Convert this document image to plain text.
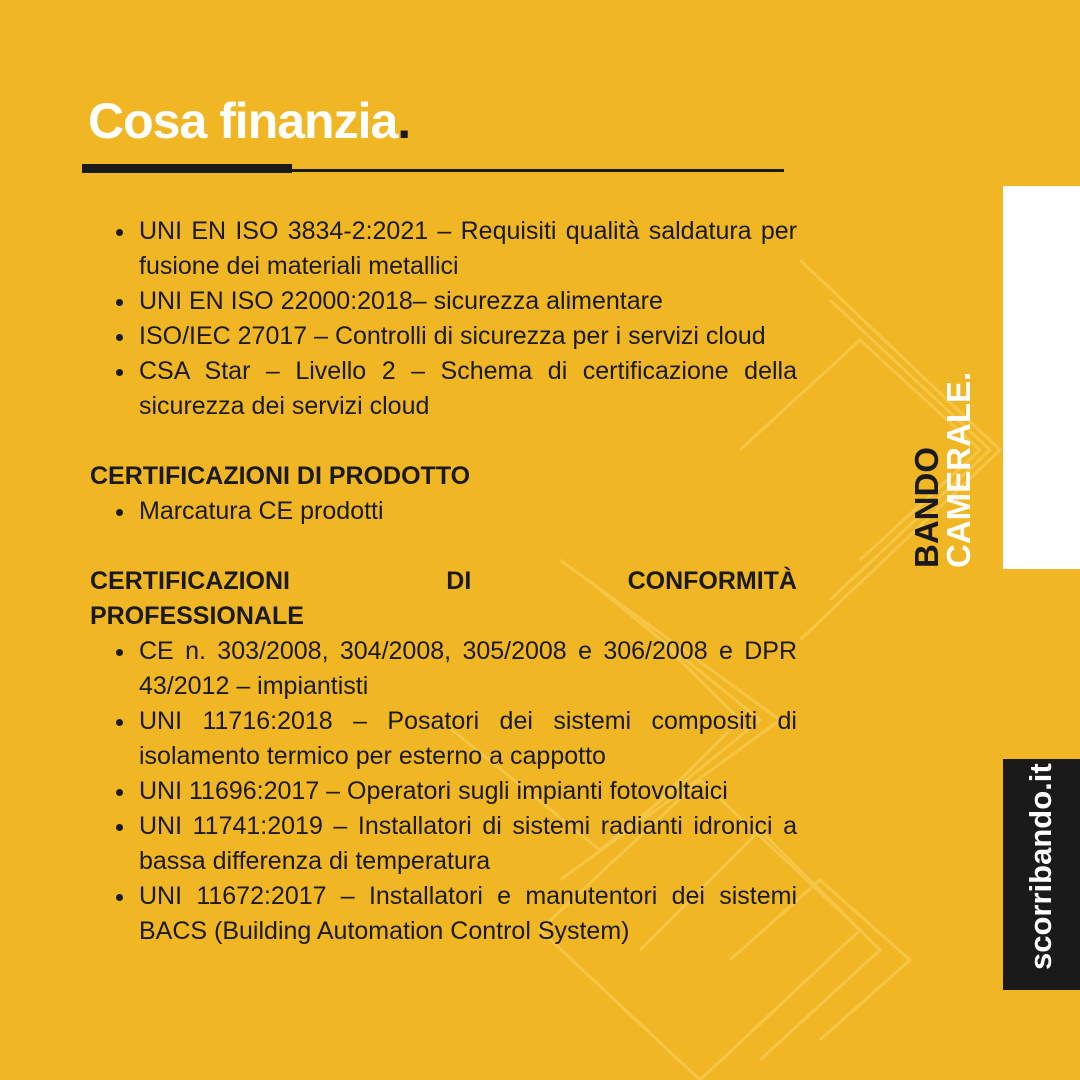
Cosa finanzia.
UNI EN ISO 3834-2:2021 – Requisiti qualità saldatura per fusione dei materiali metallici
UNI EN ISO 22000:2018– sicurezza alimentare
ISO/IEC 27017 – Controlli di sicurezza per i servizi cloud
CSA Star – Livello 2 – Schema di certificazione della sicurezza dei servizi cloud
CERTIFICAZIONI DI PRODOTTO
Marcatura CE prodotti
CERTIFICAZIONI DI CONFORMITÀ
PROFESSIONALE
CE n. 303/2008, 304/2008, 305/2008 e 306/2008 e DPR 43/2012 – impiantisti
UNI 11716:2018 – Posatori dei sistemi compositi di isolamento termico per esterno a cappotto
UNI 11696:2017 – Operatori sugli impianti fotovoltaici
UNI 11741:2019 – Installatori di sistemi radianti idronici a bassa differenza di temperatura
UNI 11672:2017 – Installatori e manutentori dei sistemi BACS (Building Automation Control System)
BANDO
CAMERALE.
scorribando.it
